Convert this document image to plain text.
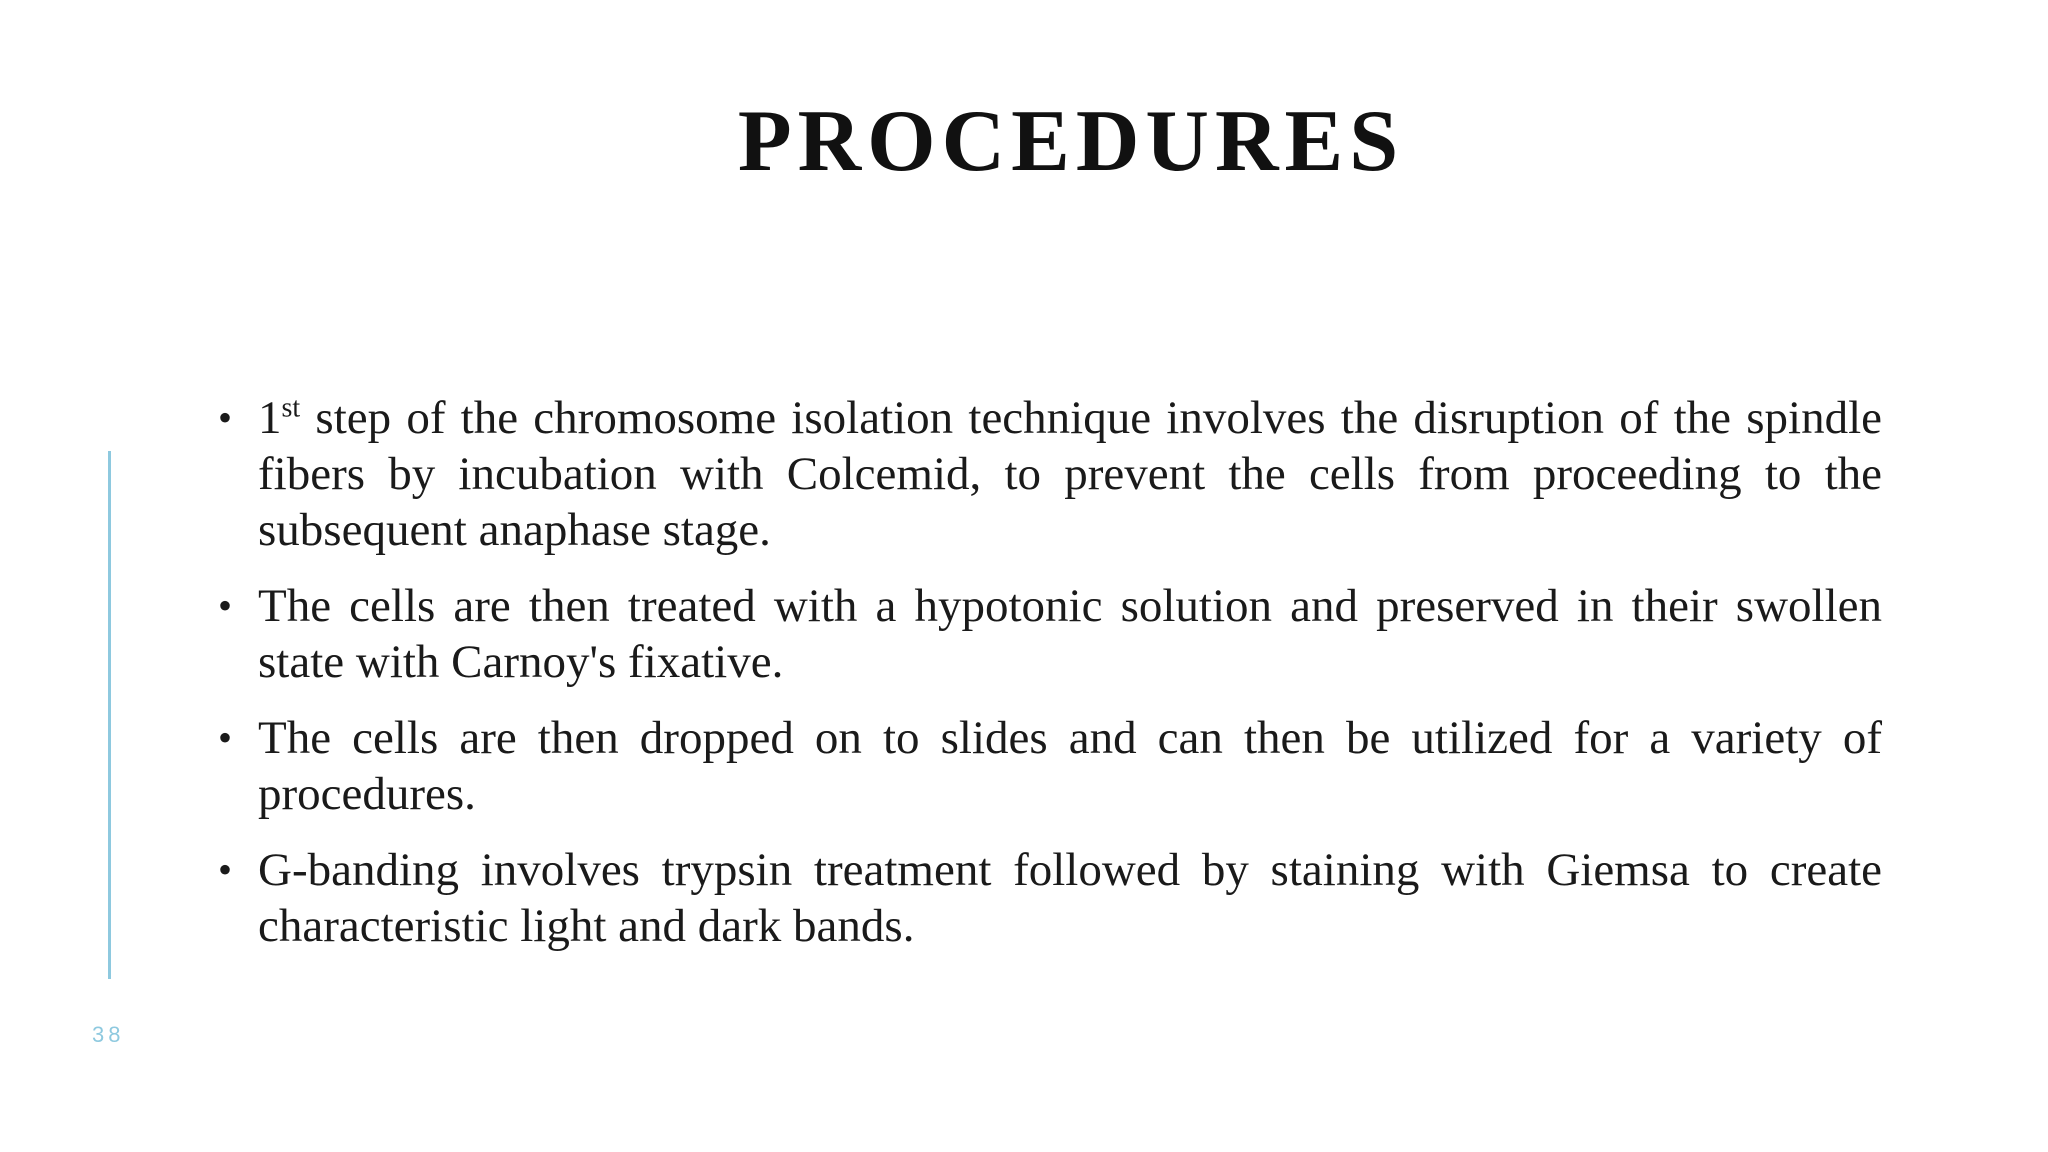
PROCEDURES
• 1st step of the chromosome isolation technique involves the disruption of the spindle fibers by incubation with Colcemid, to prevent the cells from proceeding to the subsequent anaphase stage.
• The cells are then treated with a hypotonic solution and preserved in their swollen state with Carnoy's fixative.
• The cells are then dropped on to slides and can then be utilized for a variety of procedures.
• G-banding involves trypsin treatment followed by staining with Giemsa to create characteristic light and dark bands.
38
